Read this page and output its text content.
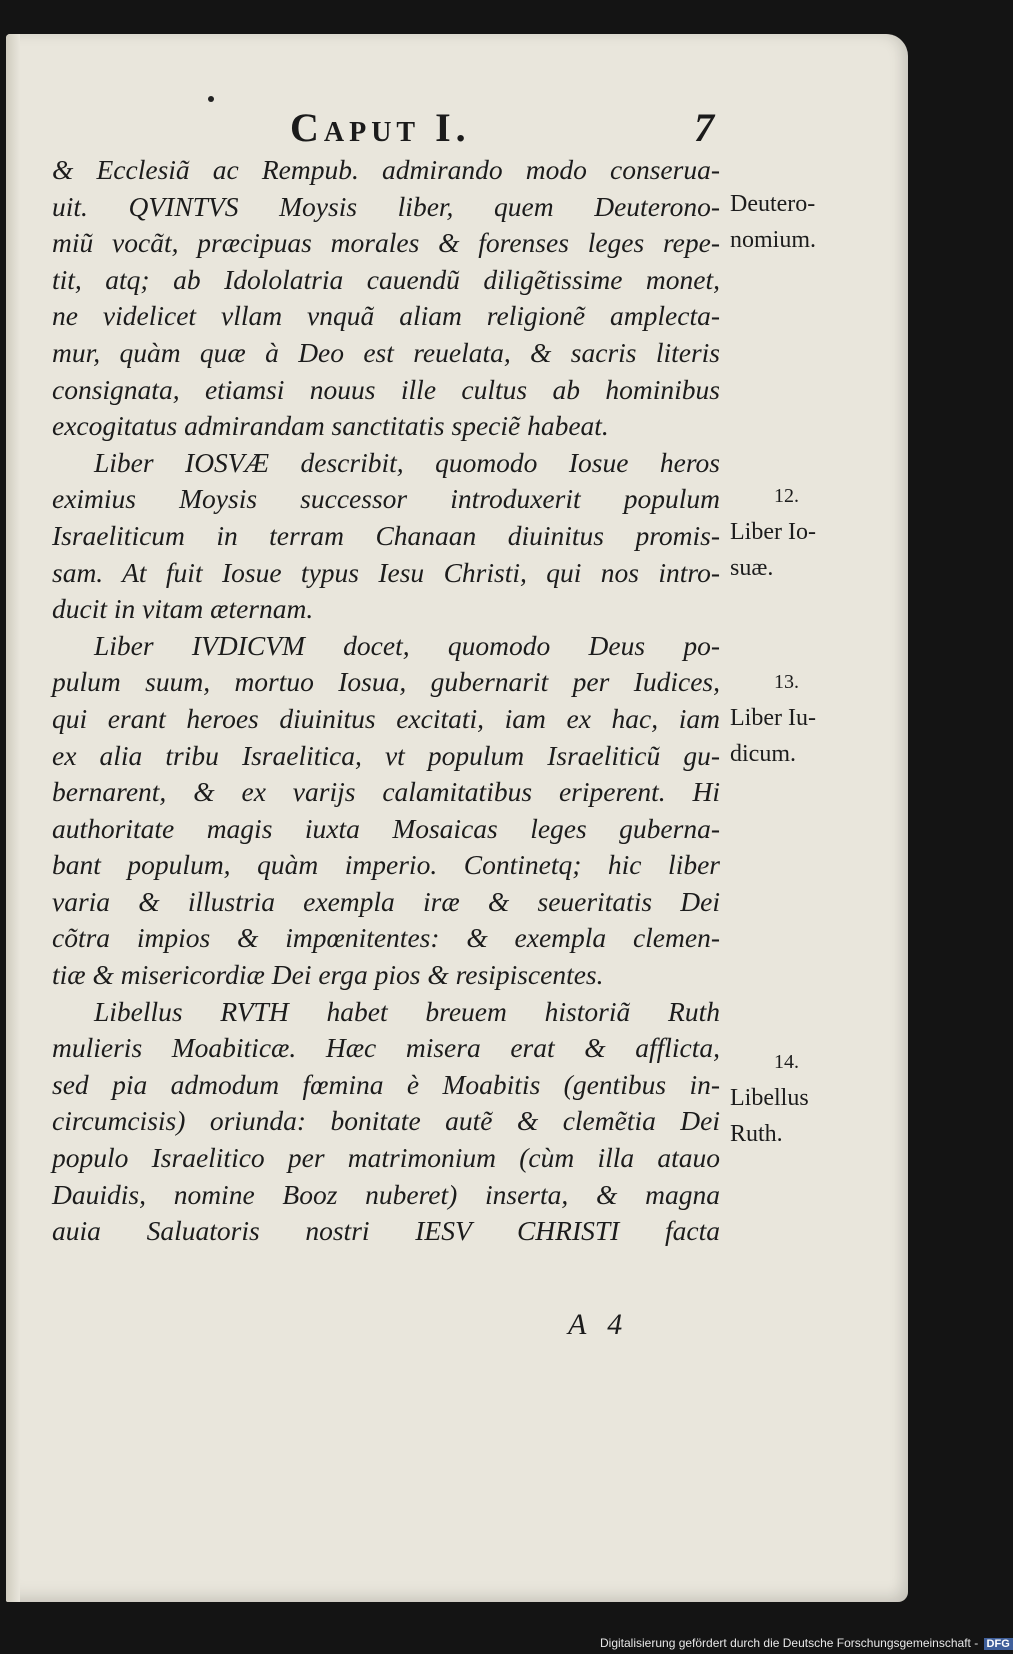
Caput I.	7
& Ecclesiã ac Rempub. admirando modo conserua-
uit. QVINTVS Moysis liber, quem Deuterono-
miũ vocãt, præcipuas morales & forenses leges repe-
tit, atq; ab Idololatria cauendũ diligẽtissime monet,
ne videlicet vllam vnquã aliam religionẽ amplecta-
mur, quàm quæ à Deo est reuelata, & sacris literis
consignata, etiamsi nouus ille cultus ab hominibus
excogitatus admirandam sanctitatis speciẽ habeat.
Liber IOSVÆ describit, quomodo Iosue heros
eximius Moysis successor introduxerit populum
Israeliticum in terram Chanaan diuinitus promis-
sam. At fuit Iosue typus Iesu Christi, qui nos intro-
ducit in vitam æternam.
Liber IVDICVM docet, quomodo Deus po-
pulum suum, mortuo Iosua, gubernarit per Iudices,
qui erant heroes diuinitus excitati, iam ex hac, iam
ex alia tribu Israelitica, vt populum Israeliticũ gu-
bernarent, & ex varijs calamitatibus eriperent. Hi
authoritate magis iuxta Mosaicas leges guberna-
bant populum, quàm imperio. Continetq; hic liber
varia & illustria exempla iræ & seueritatis Dei
cõtra impios & impœnitentes: & exempla clemen-
tiæ & misericordiæ Dei erga pios & resipiscentes.
Libellus RVTH habet breuem historiã Ruth
mulieris Moabiticæ. Hæc misera erat & afflicta,
sed pia admodum fœmina è Moabitis (gentibus in-
circumcisis) oriunda: bonitate autẽ & clemẽtia Dei
populo Israelitico per matrimonium (cùm illa atauo
Dauidis, nomine Booz nuberet) inserta, & magna
auia Saluatoris nostri IESV CHRISTI facta
Deutero-
nomium.
12.
Liber Io-
suæ.
13.
Liber Iu-
dicum.
14.
Libellus
Ruth.
A 4
Digitalisierung gefördert durch die Deutsche Forschungsgemeinschaft - DFG
